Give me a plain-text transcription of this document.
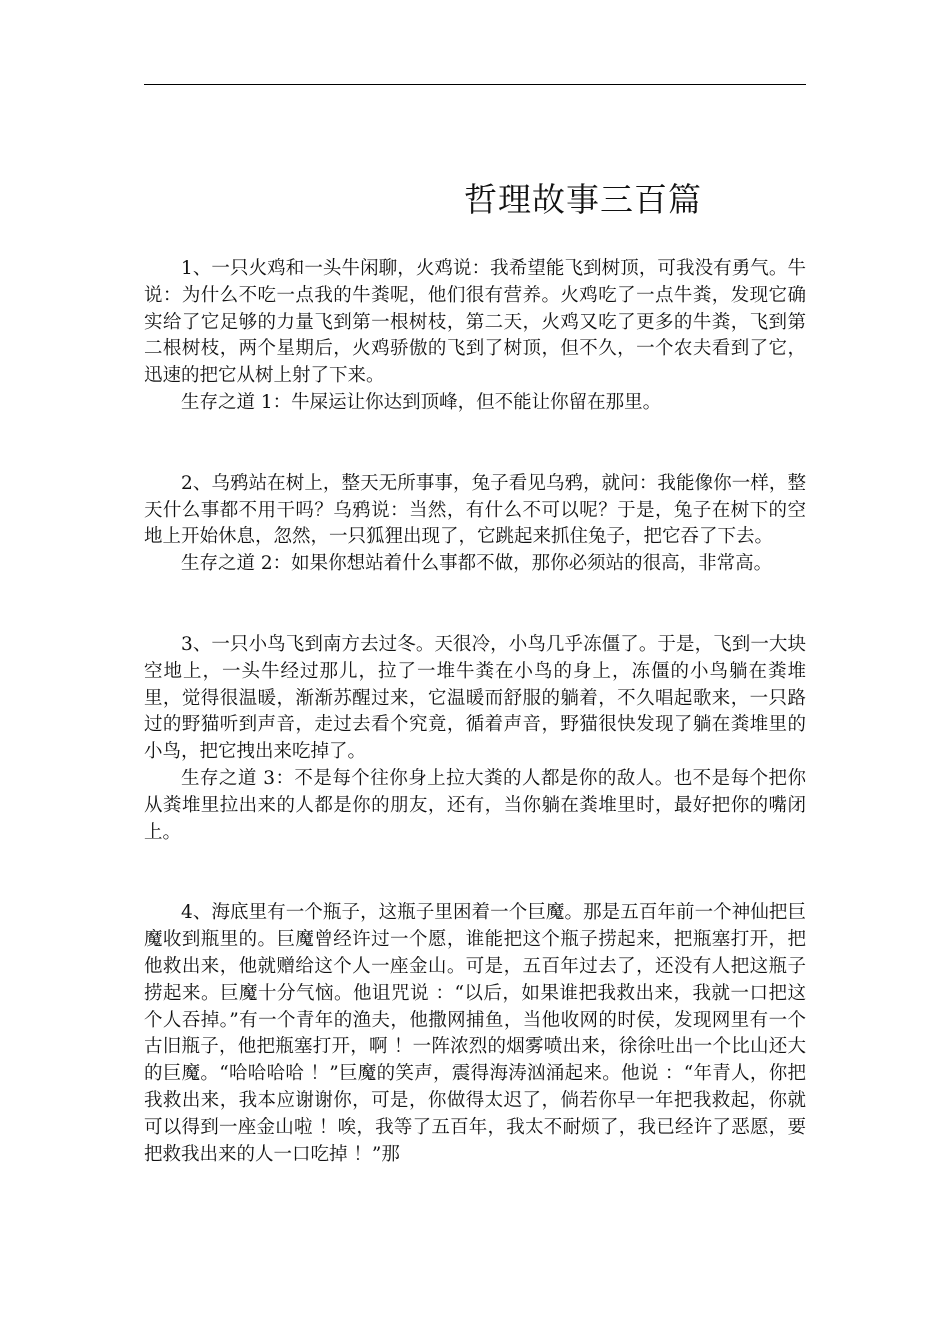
哲理故事三百篇

1、一只火鸡和一头牛闲聊，火鸡说：我希望能飞到树顶，可我没有勇气。牛说：为什么不吃一点我的牛粪呢，他们很有营养。火鸡吃了一点牛粪，发现它确实给了它足够的力量飞到第一根树枝，第二天，火鸡又吃了更多的牛粪，飞到第二根树枝，两个星期后，火鸡骄傲的飞到了树顶，但不久，一个农夫看到了它，迅速的把它从树上射了下来。

生存之道 1：牛屎运让你达到顶峰，但不能让你留在那里。

2、乌鸦站在树上，整天无所事事，兔子看见乌鸦，就问：我能像你一样，整天什么事都不用干吗？乌鸦说：当然，有什么不可以呢？于是，兔子在树下的空地上开始休息，忽然，一只狐狸出现了，它跳起来抓住兔子，把它吞了下去。

生存之道 2：如果你想站着什么事都不做，那你必须站的很高，非常高。

3、一只小鸟飞到南方去过冬。天很冷，小鸟几乎冻僵了。于是，飞到一大块空地上，一头牛经过那儿，拉了一堆牛粪在小鸟的身上，冻僵的小鸟躺在粪堆里，觉得很温暖，渐渐苏醒过来，它温暖而舒服的躺着，不久唱起歌来，一只路过的野猫听到声音，走过去看个究竟，循着声音，野猫很快发现了躺在粪堆里的小鸟，把它拽出来吃掉了。

生存之道 3：不是每个往你身上拉大粪的人都是你的敌人。也不是每个把你从粪堆里拉出来的人都是你的朋友，还有，当你躺在粪堆里时，最好把你的嘴闭上。

4、海底里有一个瓶子，这瓶子里困着一个巨魔。那是五百年前一个神仙把巨魔收到瓶里的。巨魔曾经许过一个愿，谁能把这个瓶子捞起来，把瓶塞打开，把他救出来，他就赠给这个人一座金山。可是，五百年过去了，还没有人把这瓶子捞起来。巨魔十分气恼。他诅咒说 ：“以后，如果谁把我救出来，我就一口把这个人吞掉。”有一个青年的渔夫，他撒网捕鱼，当他收网的时侯，发现网里有一个古旧瓶子，他把瓶塞打开，啊 ！一阵浓烈的烟雾喷出来，徐徐吐出一个比山还大的巨魔。“哈哈哈哈 ！”巨魔的笑声，震得海涛汹涌起来。他说 ：“年青人，你把我救出来，我本应谢谢你，可是，你做得太迟了，倘若你早一年把我救起，你就可以得到一座金山啦 ！唉，我等了五百年，我太不耐烦了，我已经许了恶愿，要把救我出来的人一口吃掉 ！”那
